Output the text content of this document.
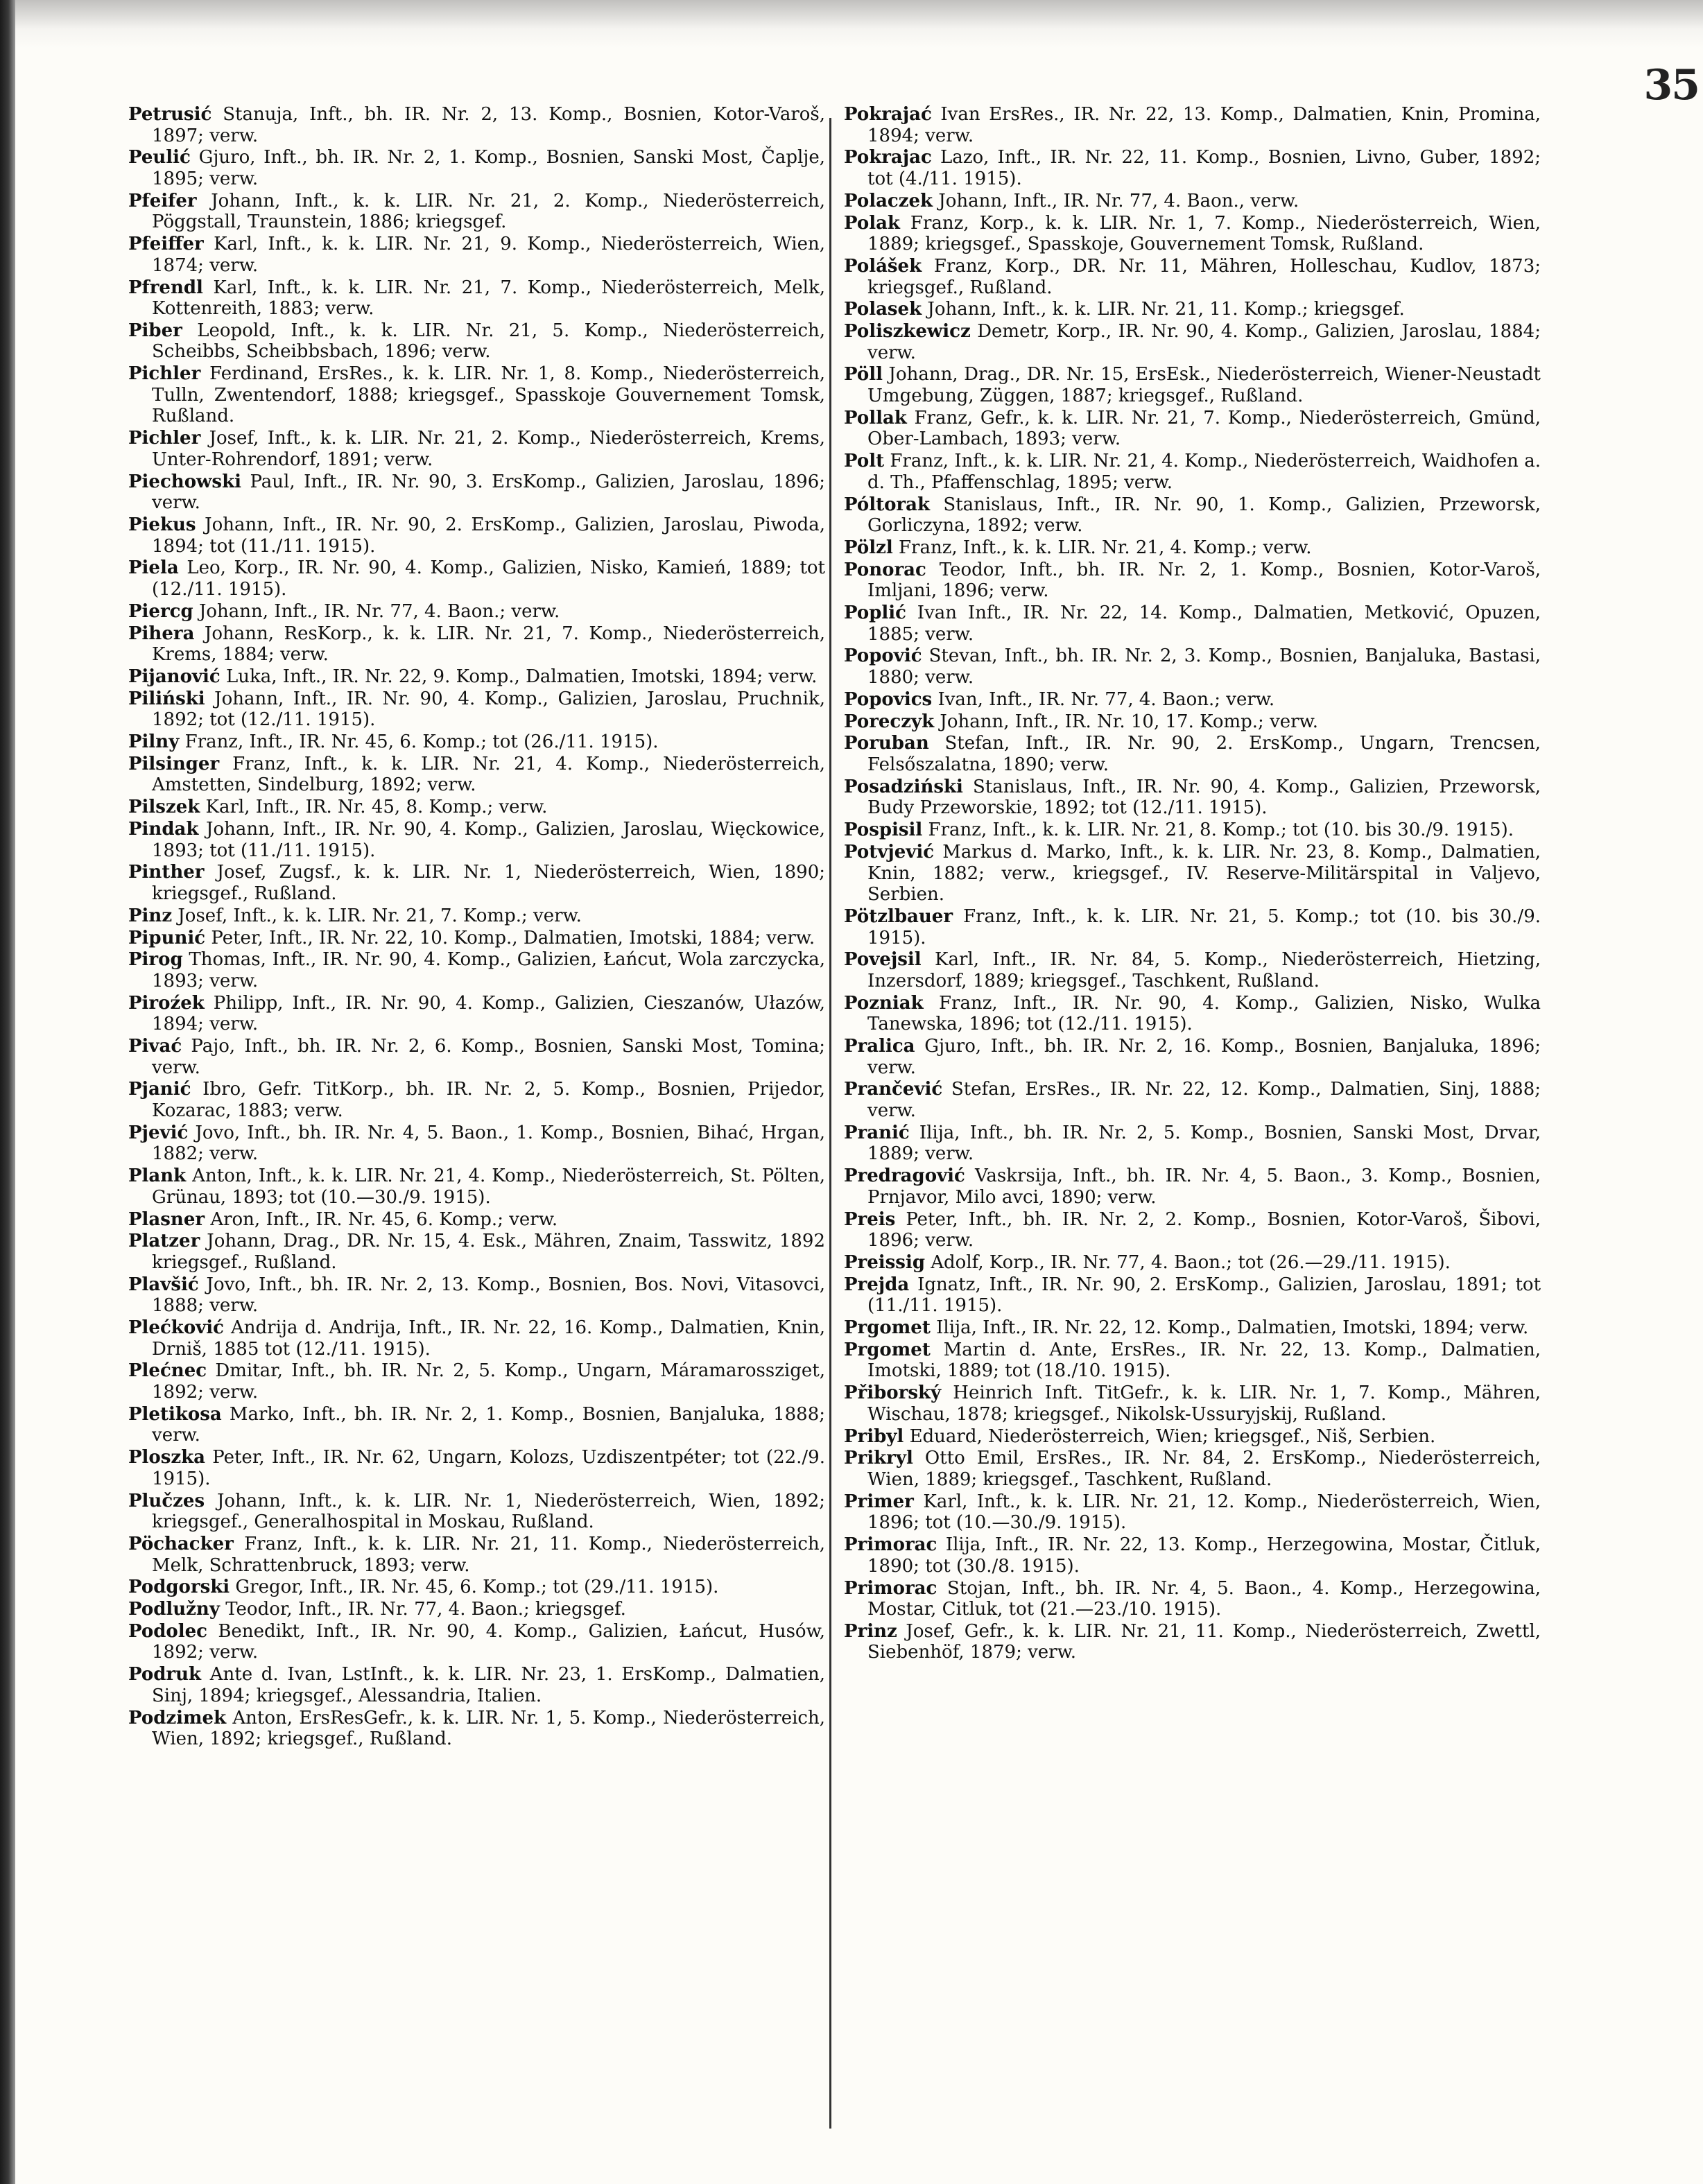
35

Petrusić Stanuja, Inft., bh. IR. Nr. 2, 13. Komp., Bosnien, Kotor-Varoš, 1897; verw.

Peulić Gjuro, Inft., bh. IR. Nr. 2, 1. Komp., Bosnien, Sanski Most, Čaplje, 1895; verw.

Pfeifer Johann, Inft., k. k. LIR. Nr. 21, 2. Komp., Niederösterreich, Pöggstall, Traunstein, 1886; kriegsgef.

Pfeiffer Karl, Inft., k. k. LIR. Nr. 21, 9. Komp., Niederösterreich, Wien, 1874; verw.

Pfrendl Karl, Inft., k. k. LIR. Nr. 21, 7. Komp., Niederösterreich, Melk, Kottenreith, 1883; verw.

Piber Leopold, Inft., k. k. LIR. Nr. 21, 5. Komp., Niederösterreich, Scheibbs, Scheibbsbach, 1896; verw.

Pichler Ferdinand, ErsRes., k. k. LIR. Nr. 1, 8. Komp., Niederösterreich, Tulln, Zwentendorf, 1888; kriegsgef., Spasskoje Gouvernement Tomsk, Rußland.

Pichler Josef, Inft., k. k. LIR. Nr. 21, 2. Komp., Niederösterreich, Krems, Unter-Rohrendorf, 1891; verw.

Piechowski Paul, Inft., IR. Nr. 90, 3. ErsKomp., Galizien, Jaroslau, 1896; verw.

Piekus Johann, Inft., IR. Nr. 90, 2. ErsKomp., Galizien, Jaroslau, Piwoda, 1894; tot (11./11. 1915).

Piela Leo, Korp., IR. Nr. 90, 4. Komp., Galizien, Nisko, Kamień, 1889; tot (12./11. 1915).

Piercg Johann, Inft., IR. Nr. 77, 4. Baon.; verw.

Pihera Johann, ResKorp., k. k. LIR. Nr. 21, 7. Komp., Niederösterreich, Krems, 1884; verw.

Pijanović Luka, Inft., IR. Nr. 22, 9. Komp., Dalmatien, Imotski, 1894; verw.

Piliński Johann, Inft., IR. Nr. 90, 4. Komp., Galizien, Jaroslau, Pruchnik, 1892; tot (12./11. 1915).

Pilny Franz, Inft., IR. Nr. 45, 6. Komp.; tot (26./11. 1915).

Pilsinger Franz, Inft., k. k. LIR. Nr. 21, 4. Komp., Niederösterreich, Amstetten, Sindelburg, 1892; verw.

Pilszek Karl, Inft., IR. Nr. 45, 8. Komp.; verw.

Pindak Johann, Inft., IR. Nr. 90, 4. Komp., Galizien, Jaroslau, Więckowice, 1893; tot (11./11. 1915).

Pinther Josef, Zugsf., k. k. LIR. Nr. 1, Niederösterreich, Wien, 1890; kriegsgef., Rußland.

Pinz Josef, Inft., k. k. LIR. Nr. 21, 7. Komp.; verw.

Pipunić Peter, Inft., IR. Nr. 22, 10. Komp., Dalmatien, Imotski, 1884; verw.

Pirog Thomas, Inft., IR. Nr. 90, 4. Komp., Galizien, Łańcut, Wola zarczycka, 1893; verw.

Piroźek Philipp, Inft., IR. Nr. 90, 4. Komp., Galizien, Cieszanów, Ułazów, 1894; verw.

Pivać Pajo, Inft., bh. IR. Nr. 2, 6. Komp., Bosnien, Sanski Most, Tomina; verw.

Pjanić Ibro, Gefr. TitKorp., bh. IR. Nr. 2, 5. Komp., Bosnien, Prijedor, Kozarac, 1883; verw.

Pjević Jovo, Inft., bh. IR. Nr. 4, 5. Baon., 1. Komp., Bosnien, Bihać, Hrgan, 1882; verw.

Plank Anton, Inft., k. k. LIR. Nr. 21, 4. Komp., Niederösterreich, St. Pölten, Grünau, 1893; tot (10.—30./9. 1915).

Plasner Aron, Inft., IR. Nr. 45, 6. Komp.; verw.

Platzer Johann, Drag., DR. Nr. 15, 4. Esk., Mähren, Znaim, Tasswitz, 1892 kriegsgef., Rußland.

Plavšić Jovo, Inft., bh. IR. Nr. 2, 13. Komp., Bosnien, Bos. Novi, Vitasovci, 1888; verw.

Plećković Andrija d. Andrija, Inft., IR. Nr. 22, 16. Komp., Dalmatien, Knin, Drniš, 1885 tot (12./11. 1915).

Plećnec Dmitar, Inft., bh. IR. Nr. 2, 5. Komp., Ungarn, Máramarossziget, 1892; verw.

Pletikosa Marko, Inft., bh. IR. Nr. 2, 1. Komp., Bosnien, Banjaluka, 1888; verw.

Ploszka Peter, Inft., IR. Nr. 62, Ungarn, Kolozs, Uzdiszentpéter; tot (22./9. 1915).

Plučzes Johann, Inft., k. k. LIR. Nr. 1, Niederösterreich, Wien, 1892; kriegsgef., Generalhospital in Moskau, Rußland.

Pöchacker Franz, Inft., k. k. LIR. Nr. 21, 11. Komp., Niederösterreich, Melk, Schrattenbruck, 1893; verw.

Podgorski Gregor, Inft., IR. Nr. 45, 6. Komp.; tot (29./11. 1915).

Podlužny Teodor, Inft., IR. Nr. 77, 4. Baon.; kriegsgef.

Podolec Benedikt, Inft., IR. Nr. 90, 4. Komp., Galizien, Łańcut, Husów, 1892; verw.

Podruk Ante d. Ivan, LstInft., k. k. LIR. Nr. 23, 1. ErsKomp., Dalmatien, Sinj, 1894; kriegsgef., Alessandria, Italien.

Podzimek Anton, ErsResGefr., k. k. LIR. Nr. 1, 5. Komp., Niederösterreich, Wien, 1892; kriegsgef., Rußland.

Pokrajać Ivan ErsRes., IR. Nr. 22, 13. Komp., Dalmatien, Knin, Promina, 1894; verw.

Pokrajac Lazo, Inft., IR. Nr. 22, 11. Komp., Bosnien, Livno, Guber, 1892; tot (4./11. 1915).

Polaczek Johann, Inft., IR. Nr. 77, 4. Baon., verw.

Polak Franz, Korp., k. k. LIR. Nr. 1, 7. Komp., Niederösterreich, Wien, 1889; kriegsgef., Spasskoje, Gouvernement Tomsk, Rußland.

Polášek Franz, Korp., DR. Nr. 11, Mähren, Holleschau, Kudlov, 1873; kriegsgef., Rußland.

Polasek Johann, Inft., k. k. LIR. Nr. 21, 11. Komp.; kriegsgef.

Poliszkewicz Demetr, Korp., IR. Nr. 90, 4. Komp., Galizien, Jaroslau, 1884; verw.

Pöll Johann, Drag., DR. Nr. 15, ErsEsk., Niederösterreich, Wiener-Neustadt Umgebung, Züggen, 1887; kriegsgef., Rußland.

Pollak Franz, Gefr., k. k. LIR. Nr. 21, 7. Komp., Niederösterreich, Gmünd, Ober-Lambach, 1893; verw.

Polt Franz, Inft., k. k. LIR. Nr. 21, 4. Komp., Niederösterreich, Waidhofen a. d. Th., Pfaffenschlag, 1895; verw.

Póltorak Stanislaus, Inft., IR. Nr. 90, 1. Komp., Galizien, Przeworsk, Gorliczyna, 1892; verw.

Pölzl Franz, Inft., k. k. LIR. Nr. 21, 4. Komp.; verw.

Ponorac Teodor, Inft., bh. IR. Nr. 2, 1. Komp., Bosnien, Kotor-Varoš, Imljani, 1896; verw.

Poplić Ivan Inft., IR. Nr. 22, 14. Komp., Dalmatien, Metković, Opuzen, 1885; verw.

Popović Stevan, Inft., bh. IR. Nr. 2, 3. Komp., Bosnien, Banjaluka, Bastasi, 1880; verw.

Popovics Ivan, Inft., IR. Nr. 77, 4. Baon.; verw.

Poreczyk Johann, Inft., IR. Nr. 10, 17. Komp.; verw.

Poruban Stefan, Inft., IR. Nr. 90, 2. ErsKomp., Ungarn, Trencsen, Felsőszalatna, 1890; verw.

Posadziński Stanislaus, Inft., IR. Nr. 90, 4. Komp., Galizien, Przeworsk, Budy Przeworskie, 1892; tot (12./11. 1915).

Pospisil Franz, Inft., k. k. LIR. Nr. 21, 8. Komp.; tot (10. bis 30./9. 1915).

Potvjević Markus d. Marko, Inft., k. k. LIR. Nr. 23, 8. Komp., Dalmatien, Knin, 1882; verw., kriegsgef., IV. Reserve-Militärspital in Valjevo, Serbien.

Pötzlbauer Franz, Inft., k. k. LIR. Nr. 21, 5. Komp.; tot (10. bis 30./9. 1915).

Povejsil Karl, Inft., IR. Nr. 84, 5. Komp., Niederösterreich, Hietzing, Inzersdorf, 1889; kriegsgef., Taschkent, Rußland.

Pozniak Franz, Inft., IR. Nr. 90, 4. Komp., Galizien, Nisko, Wulka Tanewska, 1896; tot (12./11. 1915).

Pralica Gjuro, Inft., bh. IR. Nr. 2, 16. Komp., Bosnien, Banjaluka, 1896; verw.

Prančević Stefan, ErsRes., IR. Nr. 22, 12. Komp., Dalmatien, Sinj, 1888; verw.

Pranić Ilija, Inft., bh. IR. Nr. 2, 5. Komp., Bosnien, Sanski Most, Drvar, 1889; verw.

Predragović Vaskrsija, Inft., bh. IR. Nr. 4, 5. Baon., 3. Komp., Bosnien, Prnjavor, Milo avci, 1890; verw.

Preis Peter, Inft., bh. IR. Nr. 2, 2. Komp., Bosnien, Kotor-Varoš, Šibovi, 1896; verw.

Preissig Adolf, Korp., IR. Nr. 77, 4. Baon.; tot (26.—29./11. 1915).

Prejda Ignatz, Inft., IR. Nr. 90, 2. ErsKomp., Galizien, Jaroslau, 1891; tot (11./11. 1915).

Prgomet Ilija, Inft., IR. Nr. 22, 12. Komp., Dalmatien, Imotski, 1894; verw.

Prgomet Martin d. Ante, ErsRes., IR. Nr. 22, 13. Komp., Dalmatien, Imotski, 1889; tot (18./10. 1915).

Přiborský Heinrich Inft. TitGefr., k. k. LIR. Nr. 1, 7. Komp., Mähren, Wischau, 1878; kriegsgef., Nikolsk-Ussuryjskij, Rußland.

Pribyl Eduard, Niederösterreich, Wien; kriegsgef., Niš, Serbien.

Prikryl Otto Emil, ErsRes., IR. Nr. 84, 2. ErsKomp., Niederösterreich, Wien, 1889; kriegsgef., Taschkent, Rußland.

Primer Karl, Inft., k. k. LIR. Nr. 21, 12. Komp., Niederösterreich, Wien, 1896; tot (10.—30./9. 1915).

Primorac Ilija, Inft., IR. Nr. 22, 13. Komp., Herzegowina, Mostar, Čitluk, 1890; tot (30./8. 1915).

Primorac Stojan, Inft., bh. IR. Nr. 4, 5. Baon., 4. Komp., Herzegowina, Mostar, Citluk, tot (21.—23./10. 1915).

Prinz Josef, Gefr., k. k. LIR. Nr. 21, 11. Komp., Niederösterreich, Zwettl, Siebenhöf, 1879; verw.
